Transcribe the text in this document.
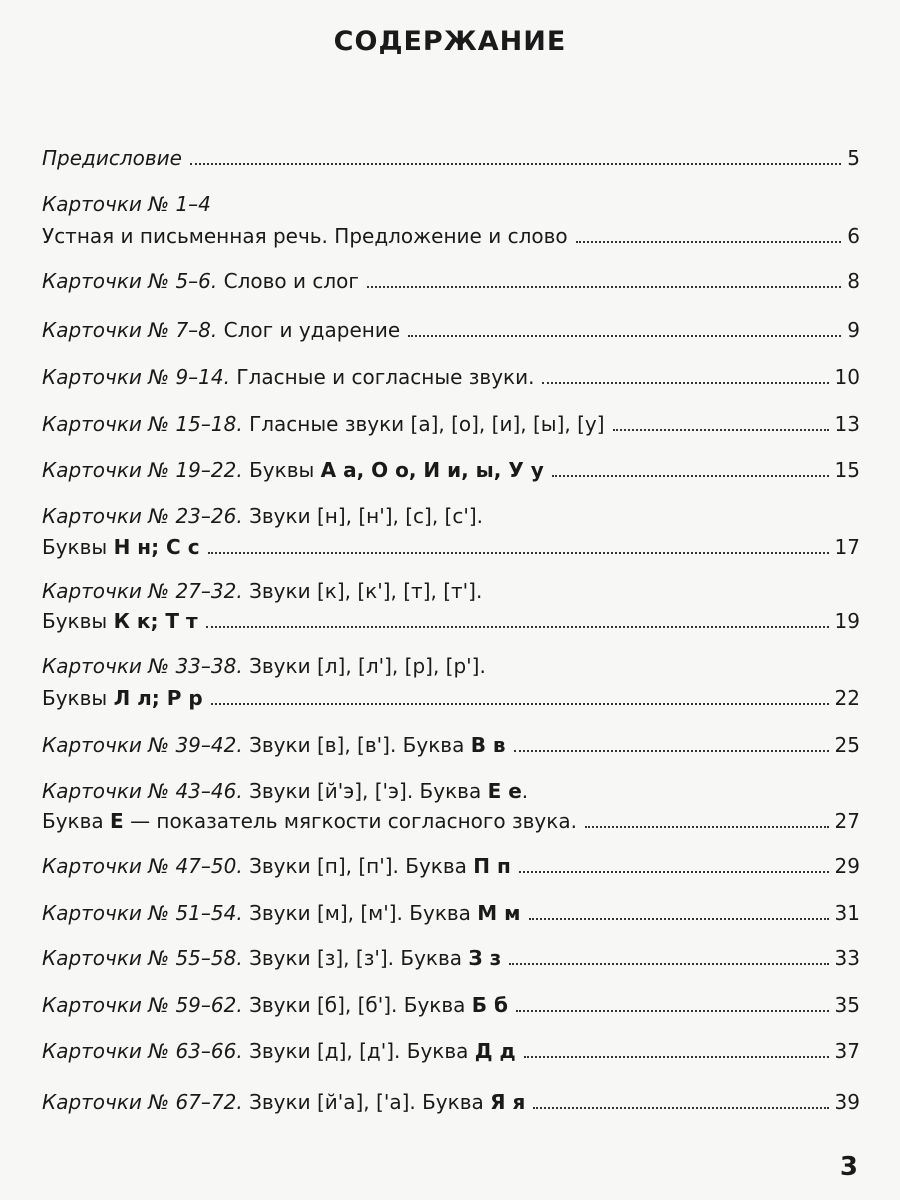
СОДЕРЖАНИЕ
Предисловие	5
Карточки № 1–4
Устная и письменная речь. Предложение и слово	6
Карточки № 5–6.
Слово и слог	8
Карточки № 7–8.
Слог и ударение	9
Карточки № 9–14.
Гласные и согласные звуки.	10
Карточки № 15–18.
Гласные звуки [а], [о], [и], [ы], [у]	13
Карточки № 19–22.
Буквы
А а, О о, И и, ы, У у	15
Карточки № 23–26.
Звуки [н], [н'], [с], [с'].
Буквы
Н н; С с	17
Карточки № 27–32.
Звуки [к], [к'], [т], [т'].
Буквы
К к; Т т	19
Карточки № 33–38.
Звуки [л], [л'], [р], [р'].
Буквы
Л л; Р р	22
Карточки № 39–42.
Звуки [в], [в']. Буква
В в	25
Карточки № 43–46.
Звуки [й'э], ['э]. Буква
Е е .
Буква
Е
— показатель мягкости согласного звука.	27
Карточки № 47–50.
Звуки [п], [п']. Буква
П п	29
Карточки № 51–54.
Звуки [м], [м']. Буква
М м	31
Карточки № 55–58.
Звуки [з], [з']. Буква
З з	33
Карточки № 59–62.
Звуки [б], [б']. Буква
Б б	35
Карточки № 63–66.
Звуки [д], [д']. Буква
Д д	37
Карточки № 67–72.
Звуки [й'а], ['а]. Буква
Я я	39
3
